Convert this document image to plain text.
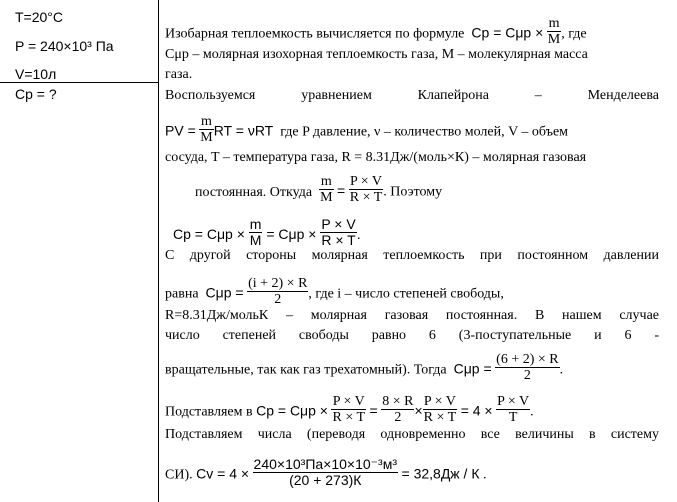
T=20°C
P = 240×10³ Па
V=10л
Cp = ?
Изобарная теплоемкость вычисляется по формуле $Cp = C\mu p \times \frac{m}{M}$ , где
Cμp – молярная изохорная теплоемкость газа, M – молекулярная масса
газа.
Воспользуемся уравнением Клапейрона – Менделеева
PV = $\frac{m}{M}$ RT = νRT где P давление, ν – количество молей, V – объем
сосуда, T – температура газа, R = 8.31Дж/(моль×К) – молярная газовая
постоянная. Откуда $\frac{m}{M} = \frac{P \times V}{R \times T}$ . Поэтому
$Cp = C\mu p \times \frac{m}{M} = C\mu p \times \frac{P \times V}{R \times T}$ .
С другой стороны молярная теплоемкость при постоянном давлении
равна $C\mu p = \frac{(i + 2) \times R}{2}$ , где i – число степеней свободы,
R=8.31Дж/мольК – молярная газовая постоянная. В нашем случае
число степеней свободы равно 6 (3-поступательные и 6 -
вращательные, так как газ трехатомный). Тогда $C\mu p = \frac{(6 + 2) \times R}{2}$ .
Подставляем в $Cp = C\mu p \times \frac{P \times V}{R \times T} = \frac{8 \times R}{2} \times \frac{P \times V}{R \times T} = 4 \times \frac{P \times V}{T}$ .
Подставляем числа (переводя одновременно все величины в систему
СИ). $Cv = 4 \times \frac{\text{240×10³Па×10×10⁻³м³}}{(20 + 273)К} = 32,8Дж / К$ .
